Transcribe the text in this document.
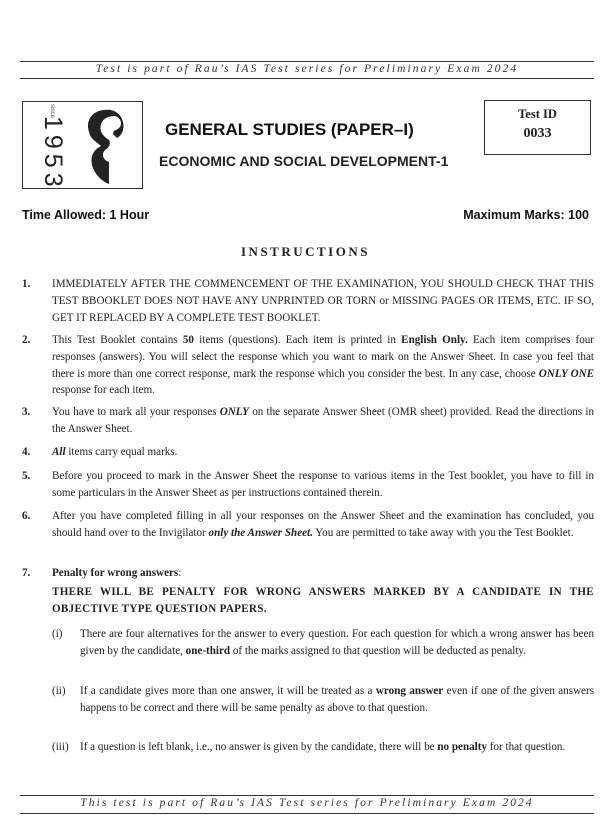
Test is part of Rau’s IAS Test series for Preliminary Exam 2024
since
1953	GENERAL STUDIES (PAPER–I)
ECONOMIC AND SOCIAL DEVELOPMENT-1
Test ID
0033
Time Allowed: 1 Hour	Maximum Marks: 100
INSTRUCTIONS
1. IMMEDIATELY AFTER THE COMMENCEMENT OF THE EXAMINATION, YOU SHOULD CHECK THAT THIS TEST BBOOKLET DOES NOT HAVE ANY UNPRINTED OR TORN or MISSING PAGES OR ITEMS, ETC. IF SO, GET IT REPLACED BY A COMPLETE TEST BOOKLET.
2. This Test Booklet contains 50 items (questions). Each item is printed in English Only. Each item comprises four responses (answers). You will select the response which you want to mark on the Answer Sheet. In case you feel that there is more than one correct response, mark the response which you consider the best. In any case, choose ONLY ONE response for each item.
3. You have to mark all your responses ONLY on the separate Answer Sheet (OMR sheet) provided. Read the directions in the Answer Sheet.
4. All items carry equal marks.
5. Before you proceed to mark in the Answer Sheet the response to various items in the Test booklet, you have to fill in some particulars in the Answer Sheet as per instructions contained therein.
6. After you have completed filling in all your responses on the Answer Sheet and the examination has concluded, you should hand over to the Invigilator only the Answer Sheet. You are permitted to take away with you the Test Booklet.
7. Penalty for wrong answers:
THERE WILL BE PENALTY FOR WRONG ANSWERS MARKED BY A CANDIDATE IN THE OBJECTIVE TYPE QUESTION PAPERS.
(i) There are four alternatives for the answer to every question. For each question for which a wrong answer has been given by the candidate, one-third of the marks assigned to that question will be deducted as penalty.
(ii) If a candidate gives more than one answer, it will be treated as a wrong answer even if one of the given answers happens to be correct and there will be same penalty as above to that question.
(iii) If a question is left blank, i.e., no answer is given by the candidate, there will be no penalty for that question.
This test is part of Rau’s IAS Test series for Preliminary Exam 2024
